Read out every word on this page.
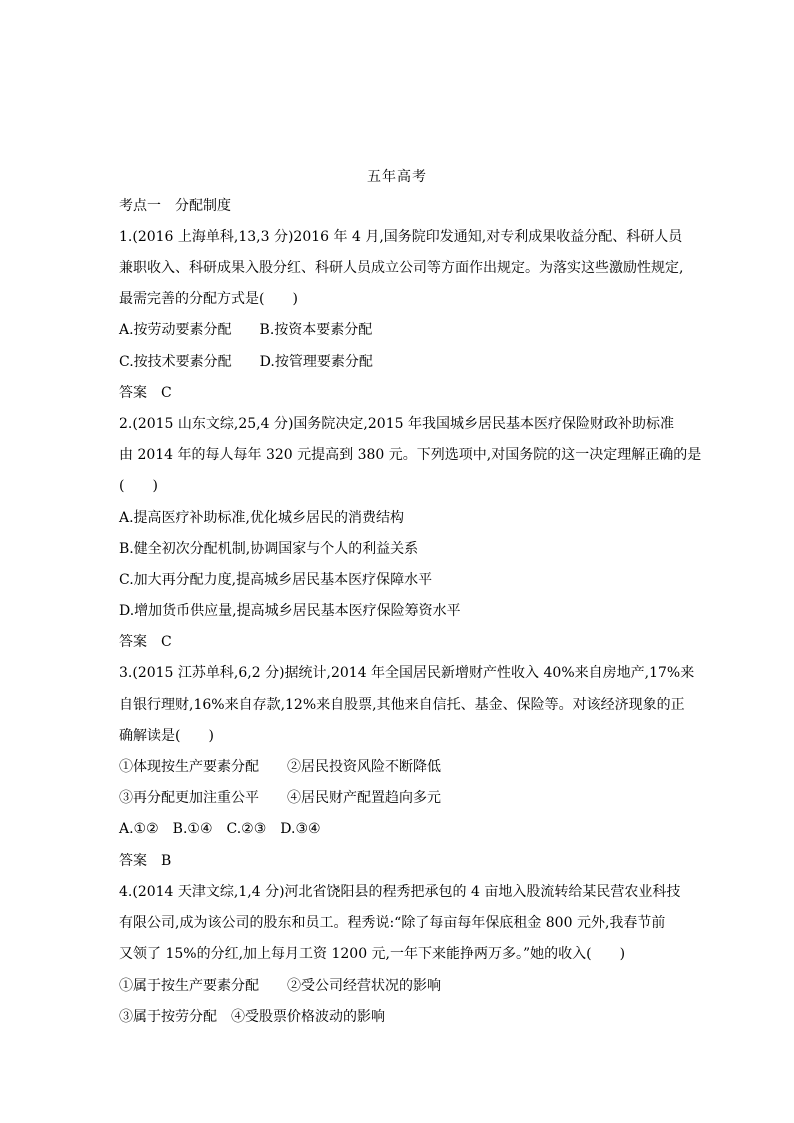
五年高考
考点一　分配制度
1.(2016 上海单科,13,3 分)2016 年 4 月,国务院印发通知,对专利成果收益分配、科研人员
兼职收入、科研成果入股分红、科研人员成立公司等方面作出规定。为落实这些激励性规定,
最需完善的分配方式是(　　)
A.按劳动要素分配　　B.按资本要素分配
C.按技术要素分配　　D.按管理要素分配
答案　C
2.(2015 山东文综,25,4 分)国务院决定,2015 年我国城乡居民基本医疗保险财政补助标准
由 2014 年的每人每年 320 元提高到 380 元。下列选项中,对国务院的这一决定理解正确的是
(　　)
A.提高医疗补助标准,优化城乡居民的消费结构
B.健全初次分配机制,协调国家与个人的利益关系
C.加大再分配力度,提高城乡居民基本医疗保障水平
D.增加货币供应量,提高城乡居民基本医疗保险筹资水平
答案　C
3.(2015 江苏单科,6,2 分)据统计,2014 年全国居民新增财产性收入 40%来自房地产,17%来
自银行理财,16%来自存款,12%来自股票,其他来自信托、基金、保险等。对该经济现象的正
确解读是(　　)
①体现按生产要素分配　　②居民投资风险不断降低
③再分配更加注重公平　　④居民财产配置趋向多元
A.①②　B.①④　C.②③　D.③④
答案　B
4.(2014 天津文综,1,4 分)河北省饶阳县的程秀把承包的 4 亩地入股流转给某民营农业科技
有限公司,成为该公司的股东和员工。程秀说:“除了每亩每年保底租金 800 元外,我春节前
又领了 15%的分红,加上每月工资 1200 元,一年下来能挣两万多。”她的收入(　　)
①属于按生产要素分配　　②受公司经营状况的影响
③属于按劳分配　④受股票价格波动的影响
